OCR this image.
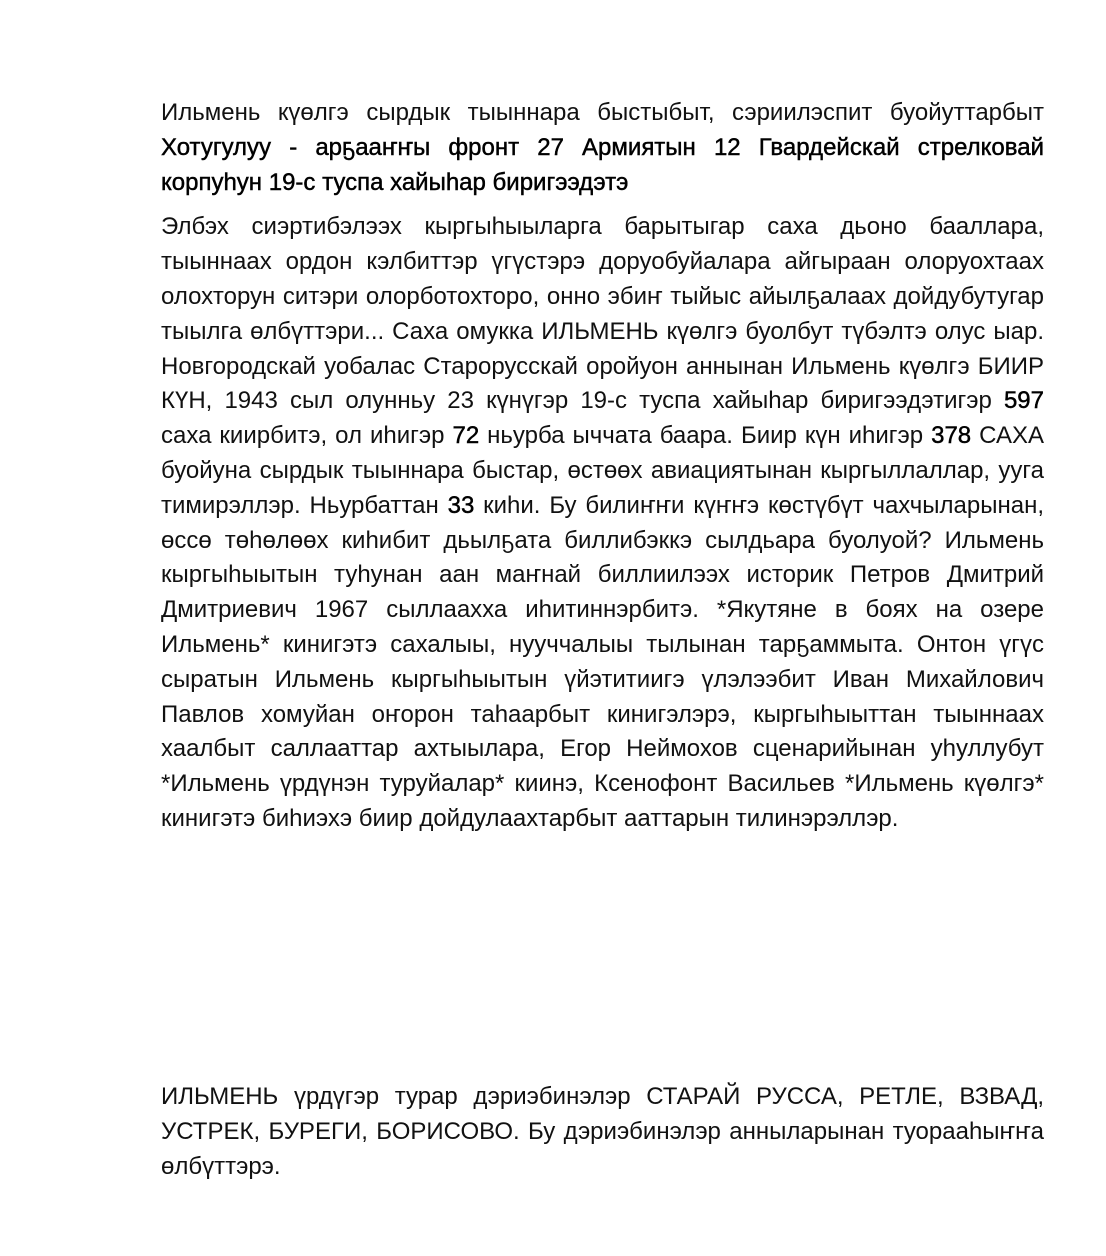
Ильмень күөлгэ сырдык тыыннара быстыбыт, сэриилэспит буойуттарбыт Хотугулуу - арҕааҥҥы фронт 27 Армиятын 12 Гвардейскай стрелковай корпуһун 19-с туспа хайыһар биригээдэтэ

Элбэх сиэртибэлээх кыргыһыыларга барытыгар саха дьоно бааллара, тыыннаах ордон кэлбиттэр үгүстэрэ доруобуйалара айгыраан олоруохтаах олохторун ситэри олорботохторо, онно эбиҥ тыйыс айылҕалаах дойдубутугар тыылга өлбүттэри... Саха омукка ИЛЬМЕНЬ күөлгэ буолбут түбэлтэ олус ыар. Новгородскай уобалас Старорусскай оройуон аннынан Ильмень күөлгэ БИИР КҮН, 1943 сыл олунньу 23 күнүгэр 19-с туспа хайыһар биригээдэтигэр 597 саха киирбитэ, ол иһигэр 72 ньурба ыччата баара. Биир күн иһигэр 378 САХА буойуна сырдык тыыннара быстар, өстөөх авиациятынан кыргыллаллар, ууга тимирэллэр. Ньурбаттан 33 киһи. Бу билиҥҥи күҥҥэ көстүбүт чахчыларынан, өссө төһөлөөх киһибит дьылҕата биллибэккэ сылдьара буолуой? Ильмень кыргыһыытын туһунан аан маҥнай биллиилээх историк Петров Дмитрий Дмитриевич 1967 сыллаахха иһитиннэрбитэ. *Якутяне в боях на озере Ильмень* кинигэтэ сахалыы, нууччалыы тылынан тарҕаммыта. Онтон үгүс сыратын Ильмень кыргыһыытын үйэтитиигэ үлэлээбит Иван Михайлович Павлов хомуйан оҥорон таһаарбыт кинигэлэрэ, кыргыһыыттан тыыннаах хаалбыт саллааттар ахтыылара, Егор Неймохов сценарийынан уһуллубут *Ильмень үрдүнэн туруйалар* киинэ, Ксенофонт Васильев *Ильмень күөлгэ* кинигэтэ биһиэхэ биир дойдулаахтарбыт ааттарын тилинэрэллэр.

ИЛЬМЕНЬ үрдүгэр турар дэриэбинэлэр СТАРАЙ РУССА, РЕТЛЕ, ВЗВАД, УСТРЕК, БУРЕГИ, БОРИСОВО. Бу дэриэбинэлэр анныларынан туорааһыҥҥа өлбүттэрэ.
